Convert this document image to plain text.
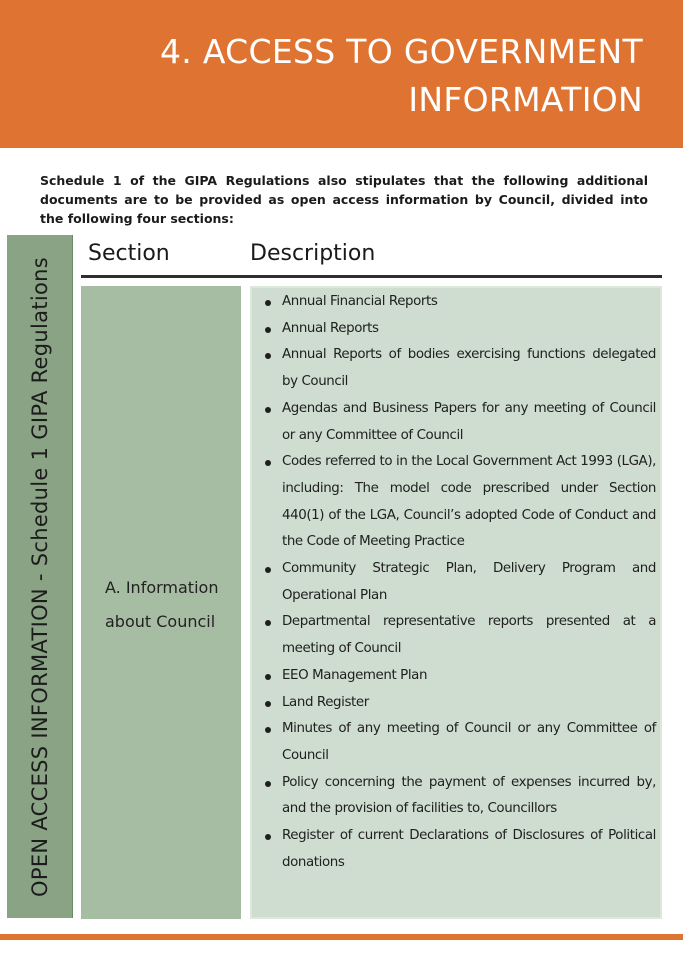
4. ACCESS TO GOVERNMENT
INFORMATION

Schedule 1 of the GIPA Regulations also stipulates that the following additional documents are to be provided as open access information by Council, divided into the following four sections:

OPEN ACCESS INFORMATION - Schedule 1 GIPA Regulations
Section	Description
A. Information
about Council
Annual Financial Reports
Annual Reports
Annual Reports of bodies exercising functions delegated by Council
Agendas and Business Papers for any meeting of Council or any Committee of Council
Codes referred to in the Local Government Act 1993 (LGA), including: The model code prescribed under Section 440(1) of the LGA, Council’s adopted Code of Conduct and the Code of Meeting Practice
Community Strategic Plan, Delivery Program and Operational Plan
Departmental representative reports presented at a meeting of Council
EEO Management Plan
Land Register
Minutes of any meeting of Council or any Committee of Council
Policy concerning the payment of expenses incurred by, and the provision of facilities to, Councillors
Register of current Declarations of Disclosures of Political donations
